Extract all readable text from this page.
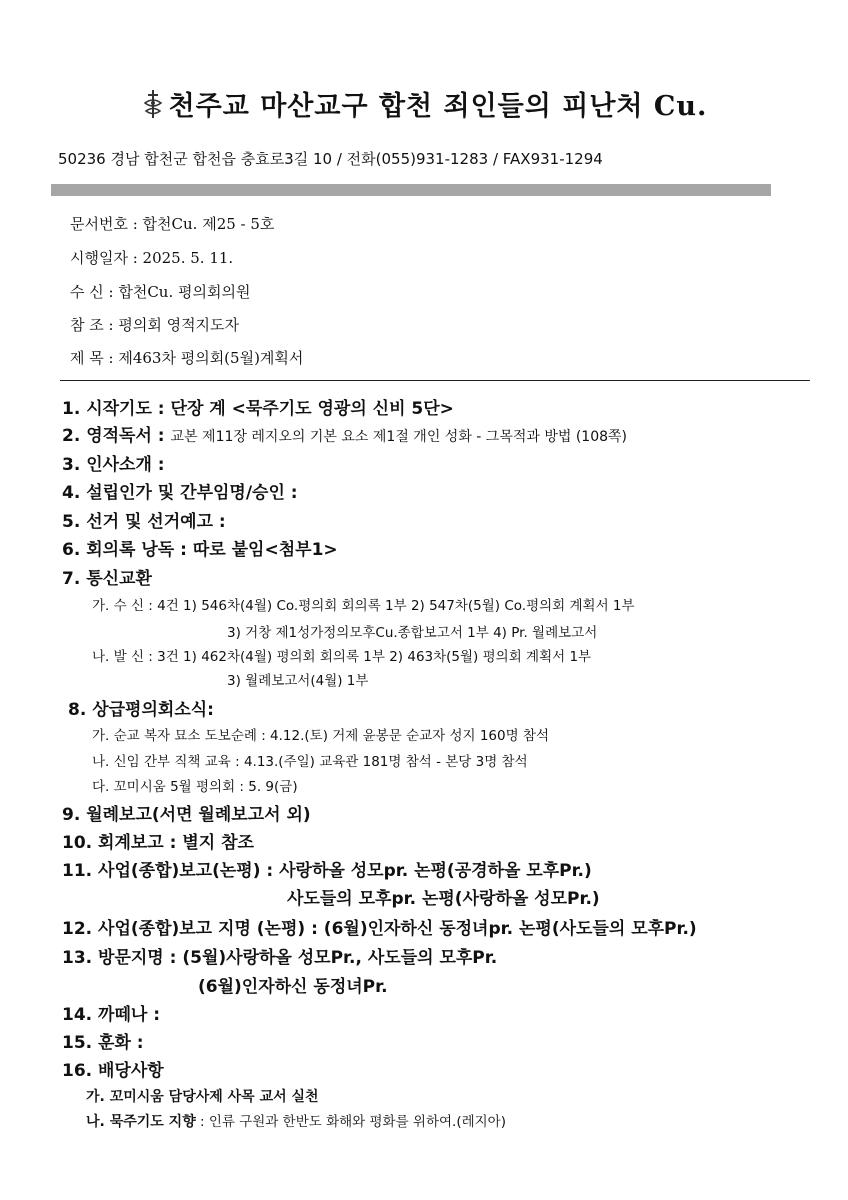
천주교 마산교구 합천 죄인들의 피난처 Cu.
50236 경남 합천군 합천읍 충효로3길 10 / 전화(055)931-1283 / FAX931-1294
문서번호 : 합천Cu. 제25 - 5호
시행일자 : 2025. 5. 11.
수 신 : 합천Cu. 평의회의원
참 조 : 평의회 영적지도자
제 목 : 제463차 평의회(5월)계획서
1. 시작기도 : 단장 계 <묵주기도 영광의 신비 5단>
2. 영적독서 : 교본 제11장 레지오의 기본 요소 제1절 개인 성화 - 그목적과 방법 (108쪽)
3. 인사소개 :
4. 설립인가 및 간부임명/승인 :
5. 선거 및 선거예고 :
6. 회의록 낭독 : 따로 붙임<첨부1>
7. 통신교환
가. 수 신 : 4건 1) 546차(4월) Co.평의회 회의록 1부 2) 547차(5월) Co.평의회 계획서 1부
3) 거창 제1성가정의모후Cu.종합보고서 1부 4) Pr. 월례보고서
나. 발 신 : 3건 1) 462차(4월) 평의회 회의록 1부 2) 463차(5월) 평의회 계획서 1부
3) 월례보고서(4월) 1부
8. 상급평의회소식:
가. 순교 복자 묘소 도보순례 : 4.12.(토) 거제 윤봉문 순교자 성지 160명 참석
나. 신임 간부 직책 교육 : 4.13.(주일) 교육관 181명 참석 - 본당 3명 참석
다. 꼬미시움 5월 평의회 : 5. 9(금)
9. 월례보고(서면 월례보고서 외)
10. 회계보고 : 별지 참조
11. 사업(종합)보고(논평) : 사랑하올 성모pr. 논평(공경하올 모후Pr.)
사도들의 모후pr. 논평(사랑하올 성모Pr.)
12. 사업(종합)보고 지명 (논평) : (6월)인자하신 동정녀pr. 논평(사도들의 모후Pr.)
13. 방문지명 : (5월)사랑하올 성모Pr., 사도들의 모후Pr.
(6월)인자하신 동정녀Pr.
14. 까떼나 :
15. 훈화 :
16. 배당사항
가. 꼬미시움 담당사제 사목 교서 실천
나. 묵주기도 지향 : 인류 구원과 한반도 화해와 평화를 위하여.(레지아)
